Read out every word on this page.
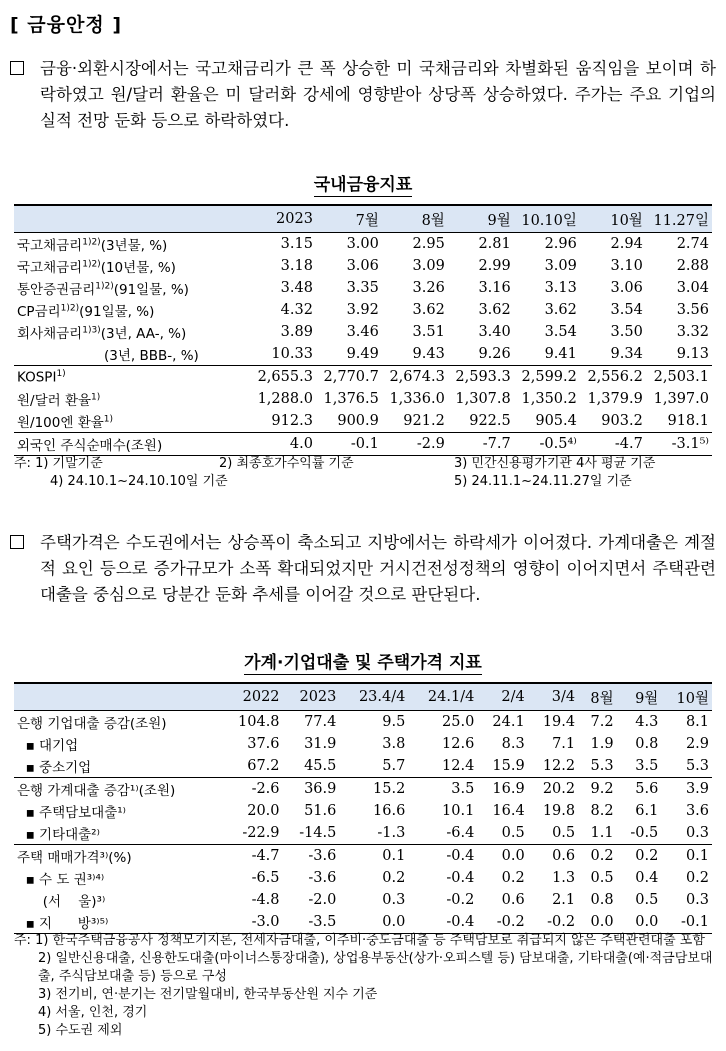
[ 금융안정 ]
금융·외환시장에서는 국고채금리가 큰 폭 상승한 미 국채금리와 차별화된 움직임을 보이며 하락하였고 원/달러 환율은 미 달러화 강세에 영향받아 상당폭 상승하였다. 주가는 주요 기업의 실적 전망 둔화 등으로 하락하였다.
국내금융지표
	2023	7월	8월	9월	10.10일	10월	11.27일
국고채금리$^{1)2)}$(3년물, %)	3.15	3.00	2.95	2.81	2.96	2.94	2.74
국고채금리$^{1)2)}$(10년물, %)	3.18	3.06	3.09	2.99	3.09	3.10	2.88
통안증권금리$^{1)2)}$(91일물, %)	3.48	3.35	3.26	3.16	3.13	3.06	3.04
CP금리$^{1)2)}$(91일물, %)	4.32	3.92	3.62	3.62	3.62	3.54	3.56
회사채금리$^{1)3)}$(3년, AA-, %)	3.89	3.46	3.51	3.40	3.54	3.50	3.32
(3년, BBB-, %)	10.33	9.49	9.43	9.26	9.41	9.34	9.13
KOSPI$^{1)}$	2,655.3	2,770.7	2,674.3	2,593.3	2,599.2	2,556.2	2,503.1
원/달러 환율$^{1)}$	1,288.0	1,376.5	1,336.0	1,307.8	1,350.2	1,379.9	1,397.0
원/100엔 환율$^{1)}$	912.3	900.9	921.2	922.5	905.4	903.2	918.1
외국인 주식순매수(조원)	4.0	-0.1	-2.9	-7.7	-0.5⁴⁾	-4.7	-3.1⁵⁾
주: 1) 기말기준	2) 최종호가수익률 기준	3) 민간신용평가기관 4사 평균 기준
4) 24.10.1~24.10.10일 기준	5) 24.11.1~24.11.27일 기준
주택가격은 수도권에서는 상승폭이 축소되고 지방에서는 하락세가 이어졌다. 가계대출은 계절적 요인 등으로 증가규모가 소폭 확대되었지만 거시건전성정책의 영향이 이어지면서 주택관련대출을 중심으로 당분간 둔화 추세를 이어갈 것으로 판단된다.
가계·기업대출 및 주택가격 지표
	2022	2023	23.4/4	24.1/4	2/4	3/4	8월	9월	10월
은행 기업대출 증감(조원)	104.8	77.4	9.5	25.0	24.1	19.4	7.2	4.3	8.1
▪ 대기업	37.6	31.9	3.8	12.6	8.3	7.1	1.9	0.8	2.9
▪ 중소기업	67.2	45.5	5.7	12.4	15.9	12.2	5.3	3.5	5.3
은행 가계대출 증감¹⁾(조원)	-2.6	36.9	15.2	3.5	16.9	20.2	9.2	5.6	3.9
▪ 주택담보대출¹⁾	20.0	51.6	16.6	10.1	16.4	19.8	8.2	6.1	3.6
▪ 기타대출²⁾	-22.9	-14.5	-1.3	-6.4	0.5	0.5	1.1	-0.5	0.3
주택 매매가격³⁾(%)	-4.7	-3.6	0.1	-0.4	0.0	0.6	0.2	0.2	0.1
▪ 수 도 권³⁾⁴⁾	-6.5	-3.6	0.2	-0.4	0.2	1.3	0.5	0.4	0.2
(서    울)³⁾	-4.8	-2.0	0.3	-0.2	0.6	2.1	0.8	0.5	0.3
▪ 지      방³⁾⁵⁾	-3.0	-3.5	0.0	-0.4	-0.2	-0.2	0.0	0.0	-0.1
주: 1) 한국주택금융공사 정책모기지론, 전세자금대출, 이주비·중도금대출 등 주택담보로 취급되지 않은 주택관련대출 포함
2) 일반신용대출, 신용한도대출(마이너스통장대출), 상업용부동산(상가·오피스텔 등) 담보대출, 기타대출(예·적금담보대출, 주식담보대출 등) 등으로 구성
3) 전기비, 연·분기는 전기말월대비, 한국부동산원 지수 기준
4) 서울, 인천, 경기
5) 수도권 제외
